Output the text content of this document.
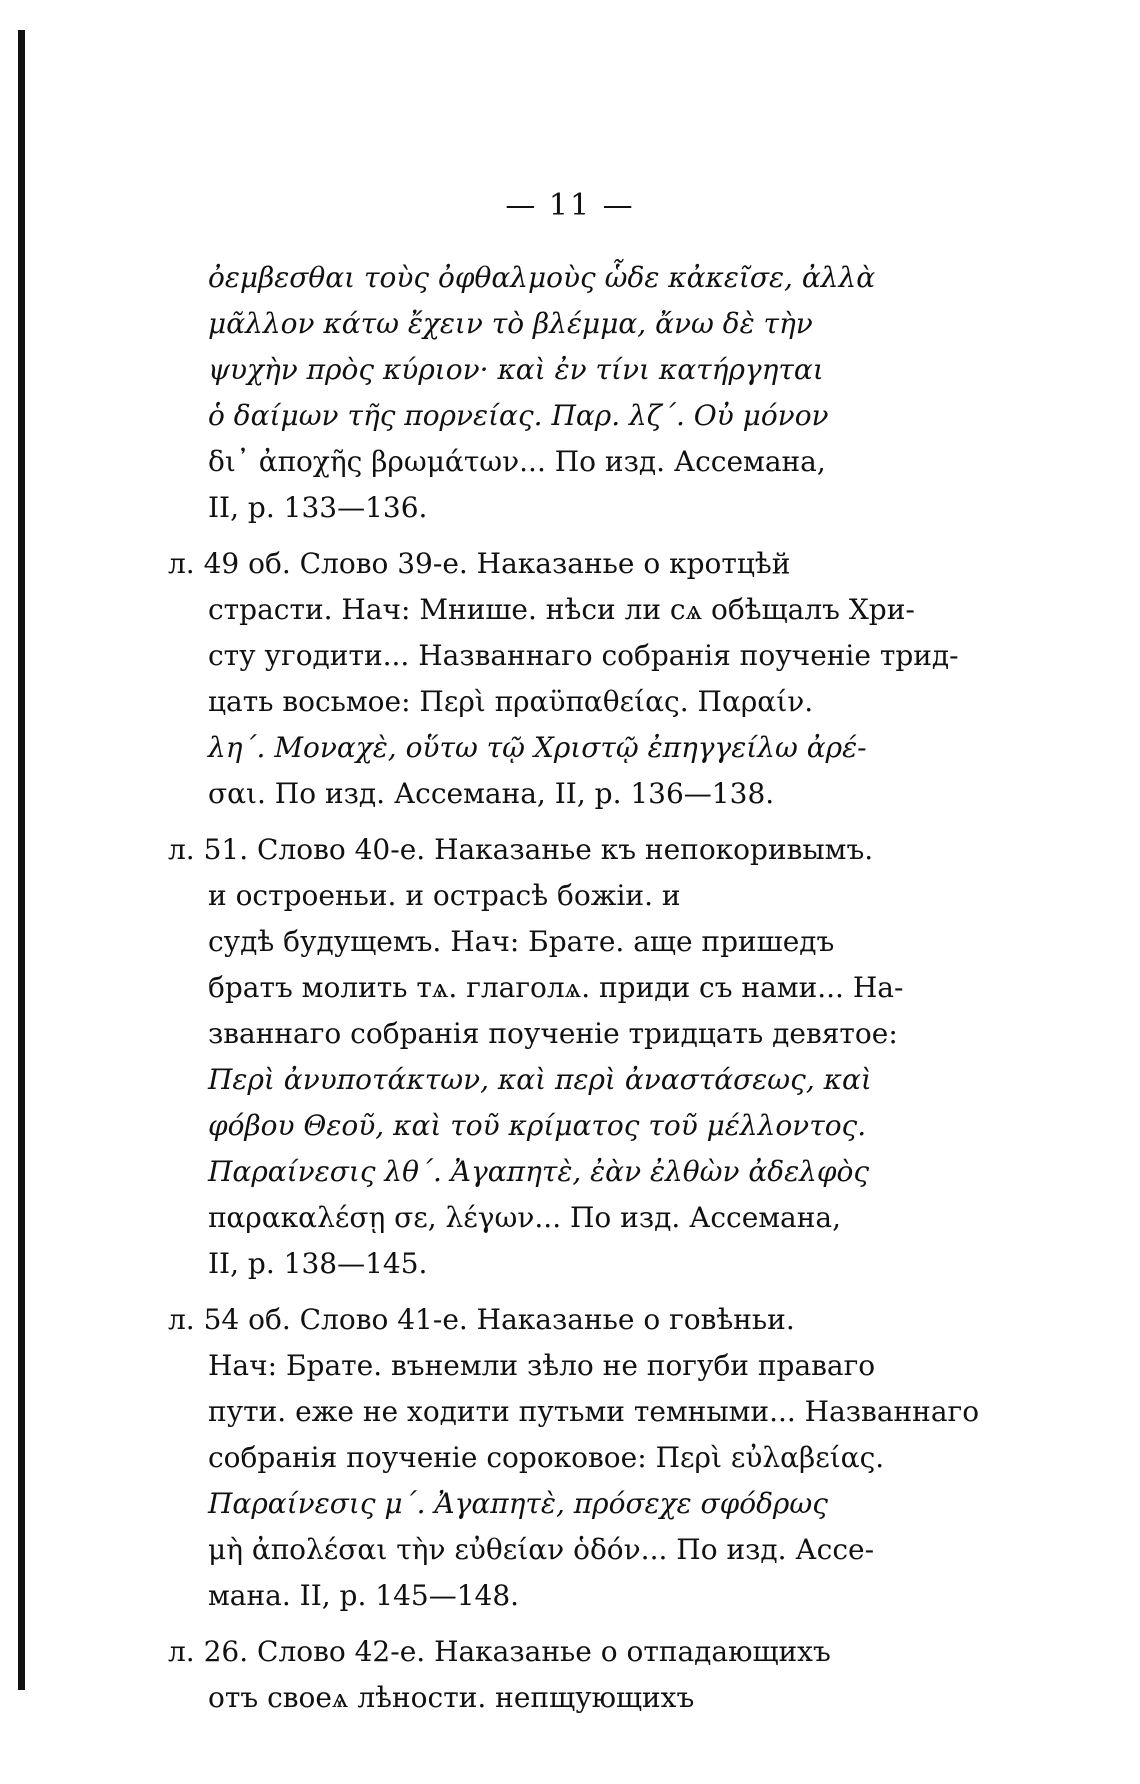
— 11 —
ὀεμβεσθαι τοὺς ὀφθαλμοὺς ὧδε κἀκεῖσε, ἀλλὰ
μᾶλλον κάτω ἔχειν τὸ βλέμμα, ἄνω δὲ τὴν
ψυχὴν πρὸς κύριον· καὶ ἐν τίνι κατήργηται
ὁ δαίμων τῆς πορνείας. Παρ. λζ΄. Οὐ μόνον
δι᾽ ἀποχῆς βρωμάτων... По изд. Ассемана,
II, p. 133—136.
л. 49 об. Слово 39-е. Наказанье о кротцѣй
страсти. Нач: Мнише. нѣси ли сѧ обѣщалъ Хри-
сту угодити... Названнаго собранiя поученiе трид-
цать восьмое: Περὶ πραϋπαθείας. Παραίν.
λη΄. Μοναχὲ, οὕτω τῷ Χριστῷ ἐπηγγείλω ἀρέ-
σαι. По изд. Ассемана, II, p. 136—138.
л. 51. Слово 40-е. Наказанье къ непокоривымъ.
и остроеньи. и острасѣ божiи. и
судѣ будущемъ. Нач: Брате. аще пришедъ
братъ молить тѧ. глаголѧ. приди съ нами... На-
званнаго собранiя поученiе тридцать девятое:
Περὶ ἀνυποτάκτων, καὶ περὶ ἀναστάσεως, καὶ
φόβου Θεοῦ, καὶ τοῦ κρίματος τοῦ μέλλοντος.
Παραίνεσις λθ΄. Ἀγαπητὲ, ἐὰν ἐλθὼν ἀδελφὸς
παρακαλέσῃ σε, λέγων... По изд. Ассемана,
II, p. 138—145.
л. 54 об. Слово 41-е. Наказанье о говѣньи.
Нач: Брате. вънемли зѣло не погуби праваго
пути. еже не ходити путьми темными... Названнаго
собранiя поученiе сороковое: Περὶ εὐλαβείας.
Παραίνεσις μ΄. Ἀγαπητὲ, πρόσεχε σφόδρως
μὴ ἀπολέσαι τὴν εὐθείαν ὁδόν... По изд. Ассе-
мана. II, p. 145—148.
л. 26. Слово 42-е. Наказанье о отпадающихъ
отъ своеѧ лѣности. непщующихъ
